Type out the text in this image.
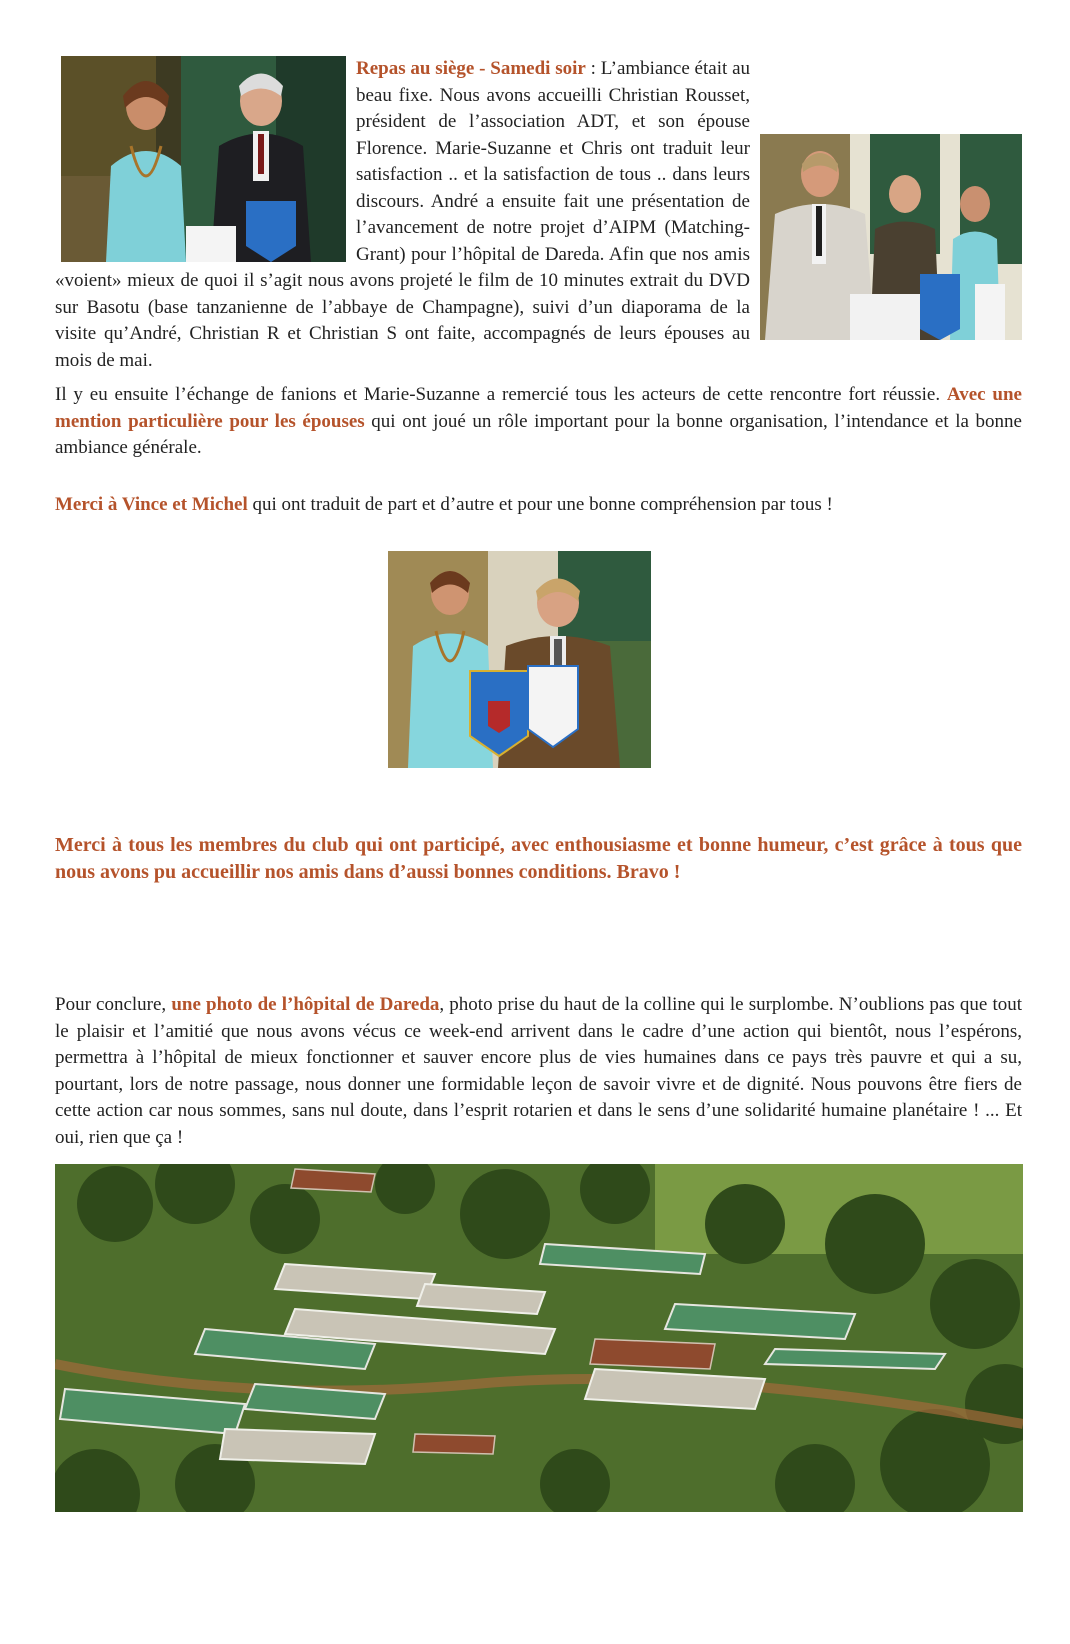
Repas au siège - Samedi soir : L’ambiance était au beau fixe. Nous avons accueilli Christian Rousset, président de l’association ADT, et son épouse Florence. Marie-Suzanne et Chris ont traduit leur satisfaction .. et la satisfaction de tous .. dans leurs discours. André a ensuite fait une présentation de l’avancement de notre projet d’AIPM (Matching-Grant) pour l’hôpital de Dareda. Afin que nos amis «voient» mieux de quoi il s’agit nous avons projeté le film de 10 minutes extrait du DVD sur Basotu (base tanzanienne de l’abbaye de Champagne), suivi d’un diaporama de la visite qu’André, Christian R et Christian S ont faite, accompagnés de leurs épouses au mois de mai.

Il y eu ensuite l’échange de fanions et Marie-Suzanne a remercié tous les acteurs de cette rencontre fort réussie. Avec une mention particulière pour les épouses qui ont joué un rôle important pour la bonne organisation, l’intendance et la bonne ambiance générale.

Merci à Vince et Michel qui ont traduit de part et d’autre et pour une bonne compréhension par tous !

Merci à tous les membres du club qui ont participé, avec enthousiasme et bonne humeur, c’est grâce à tous que nous avons pu accueillir nos amis dans d’aussi bonnes conditions. Bravo !

Pour conclure, une photo de l’hôpital de Dareda, photo prise du haut de la colline qui le surplombe. N’oublions pas que tout le plaisir et l’amitié que nous avons vécus ce week-end arrivent dans le cadre d’une action qui bientôt, nous l’espérons, permettra à l’hôpital de mieux fonctionner et sauver encore plus de vies humaines dans ce pays très pauvre et qui a su, pourtant, lors de notre passage, nous donner une formidable leçon de savoir vivre et de dignité. Nous pouvons être fiers de cette action car nous sommes, sans nul doute, dans l’esprit rotarien et dans le sens d’une solidarité humaine planétaire ! ... Et oui, rien que ça !
